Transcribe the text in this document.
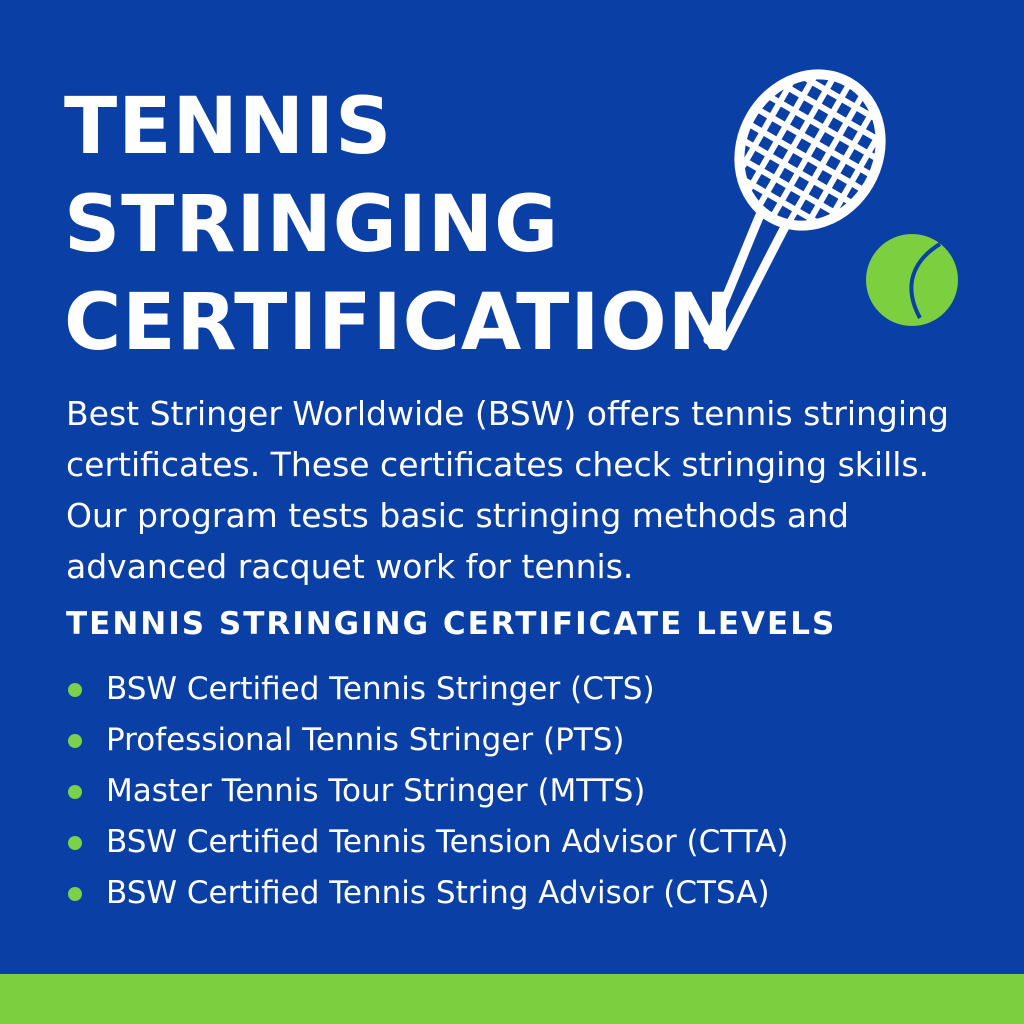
TENNIS
STRINGING
CERTIFICATION

Best Stringer Worldwide (BSW) offers tennis stringing certificates. These certificates check stringing skills. Our program tests basic stringing methods and advanced racquet work for tennis.

TENNIS STRINGING CERTIFICATE LEVELS
BSW Certified Tennis Stringer (CTS)
Professional Tennis Stringer (PTS)
Master Tennis Tour Stringer (MTTS)
BSW Certified Tennis Tension Advisor (CTTA)
BSW Certified Tennis String Advisor (CTSA)
